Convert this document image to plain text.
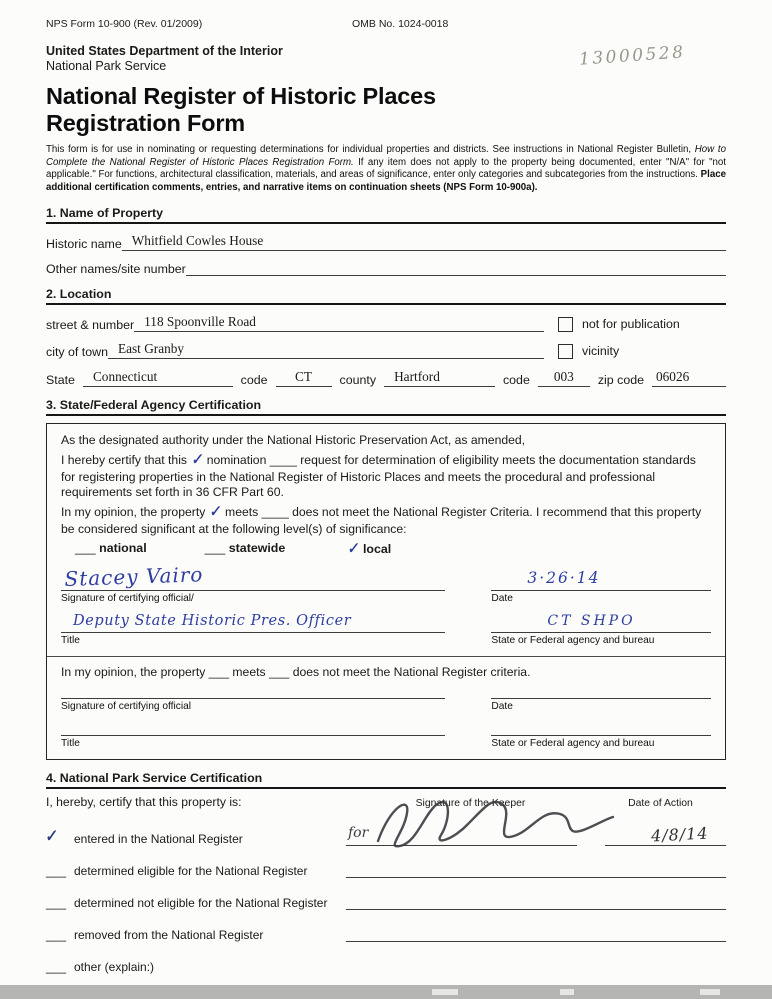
NPS Form 10-900 (Rev. 01/2009)	OMB No. 1024-0018
13000528
United States Department of the Interior
National Park Service
National Register of Historic Places
Registration Form

This form is for use in nominating or requesting determinations for individual properties and districts. See instructions in National Register Bulletin, How to Complete the National Register of Historic Places Registration Form. If any item does not apply to the property being documented, enter "N/A" for "not applicable." For functions, architectural classification, materials, and areas of significance, enter only categories and subcategories from the instructions. Place additional certification comments, entries, and narrative items on continuation sheets (NPS Form 10-900a).

1. Name of Property
Historic name Whitfield Cowles House
Other names/site number
2. Location
street & number 118 Spoonville Road	not for publication
city of town East Granby	vicinity
State	Connecticut	code	CT	county	Hartford	code	003	zip code 06026
3. State/Federal Agency Certification

As the designated authority under the National Historic Preservation Act, as amended,

I hereby certify that this ✓ nomination ____ request for determination of eligibility meets the documentation standards for registering properties in the National Register of Historic Places and meets the procedural and professional requirements set forth in 36 CFR Part 60.

In my opinion, the property ✓ meets ____ does not meet the National Register Criteria. I recommend that this property be considered significant at the following level(s) of significance:

___ national	___ statewide	✓ local
Stacey Vairo
Signature of certifying official/
3·26·14
Date
Deputy State Historic Pres. Officer
Title
CT SHPO
State or Federal agency and bureau

In my opinion, the property ___ meets ___ does not meet the National Register criteria.

Signature of certifying official	Date
Title	State or Federal agency and bureau
4. National Park Service Certification
I, hereby, certify that this property is:	Signature of the Keeper	Date of Action
✓	entered in the National Register	for	4/8/14
___ determined eligible for the National Register
___ determined not eligible for the National Register
___ removed from the National Register
___ other (explain:)
